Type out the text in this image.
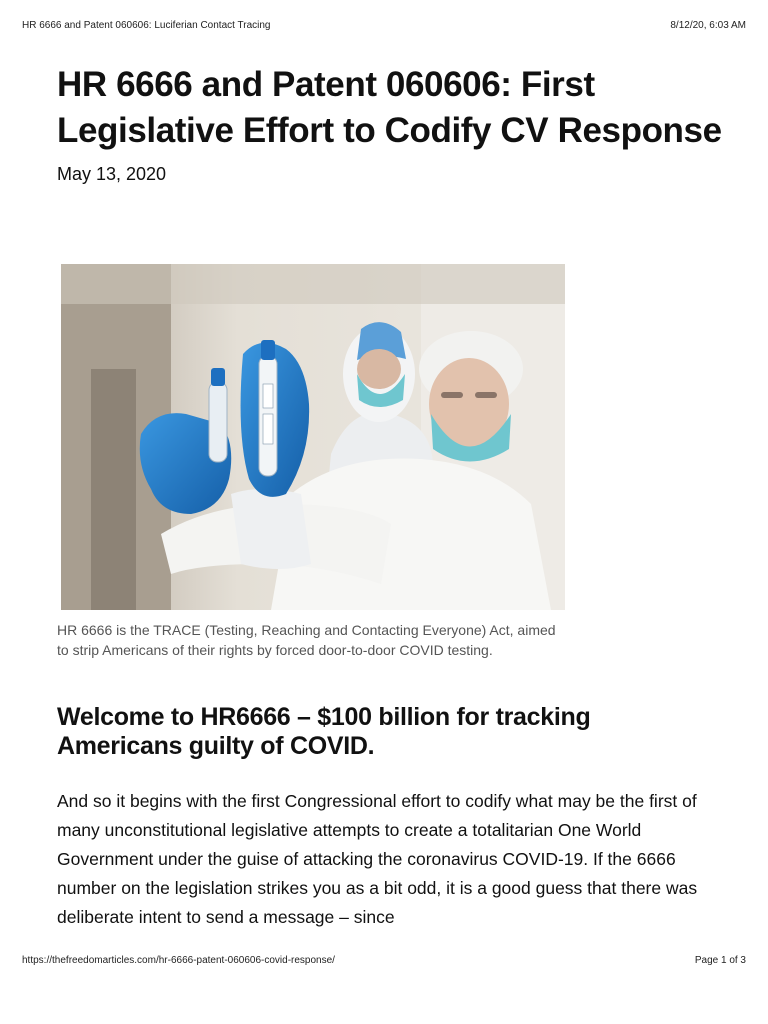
HR 6666 and Patent 060606: Luciferian Contact Tracing	8/12/20, 6:03 AM
HR 6666 and Patent 060606: First Legislative Effort to Codify CV Response

May 13, 2020

HR 6666 is the TRACE (Testing, Reaching and Contacting Everyone) Act, aimed to strip Americans of their rights by forced door-to-door COVID testing.

Welcome to HR6666 – $100 billion for tracking Americans guilty of COVID.

And so it begins with the first Congressional effort to codify what may be the first of many unconstitutional legislative attempts to create a totalitarian One World Government under the guise of attacking the coronavirus COVID-19. If the 6666 number on the legislation strikes you as a bit odd, it is a good guess that there was deliberate intent to send a message – since

https://thefreedomarticles.com/hr-6666-patent-060606-covid-response/	Page 1 of 3
